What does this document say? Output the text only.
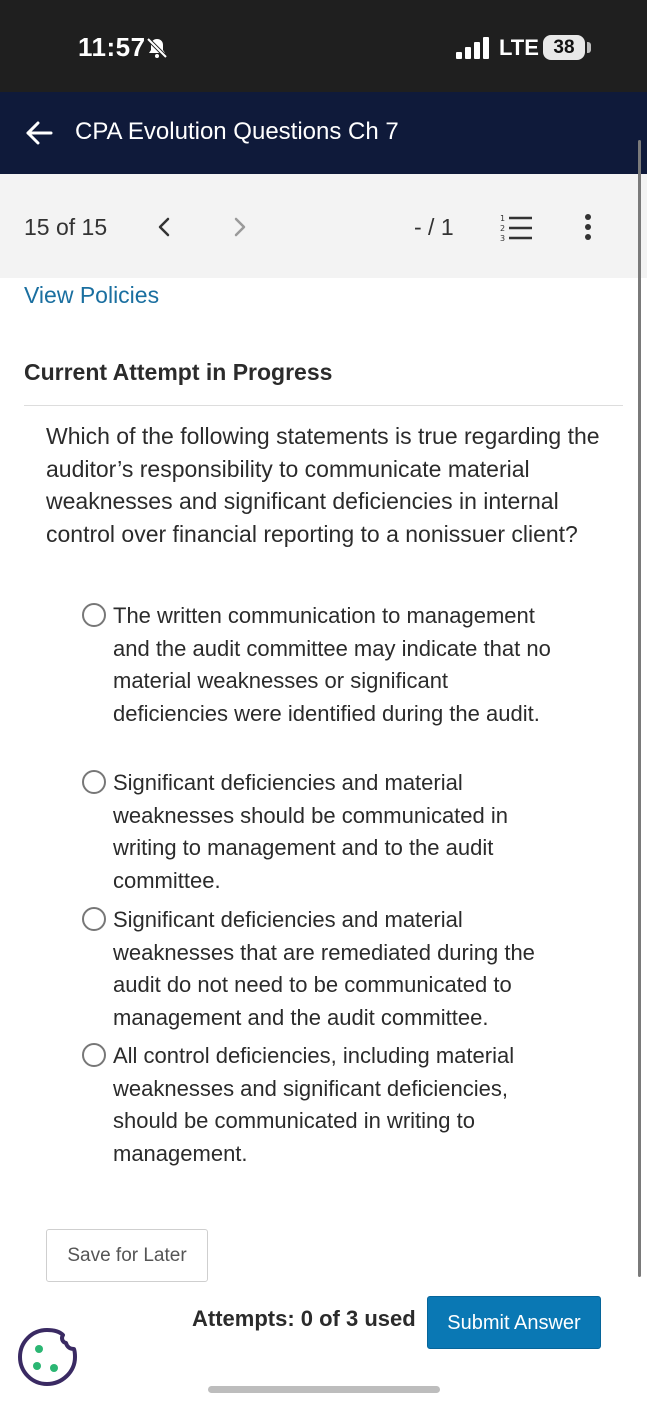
11:57	LTE 38
CPA Evolution Questions Ch 7
15 of 15	- / 1	1
2
3
View Policies
Current Attempt in Progress
Which of the following statements is true regarding the auditor’s responsibility to communicate material weaknesses and significant deficiencies in internal control over financial reporting to a nonissuer client?
The written communication to management and the audit committee may indicate that no material weaknesses or significant deficiencies were identified during the audit.
Significant deficiencies and material weaknesses should be communicated in writing to management and to the audit committee.
Significant deficiencies and material weaknesses that are remediated during the audit do not need to be communicated to management and the audit committee.
All control deficiencies, including material weaknesses and significant deficiencies, should be communicated in writing to management.
Save for Later
Attempts: 0 of 3 used	Submit Answer
